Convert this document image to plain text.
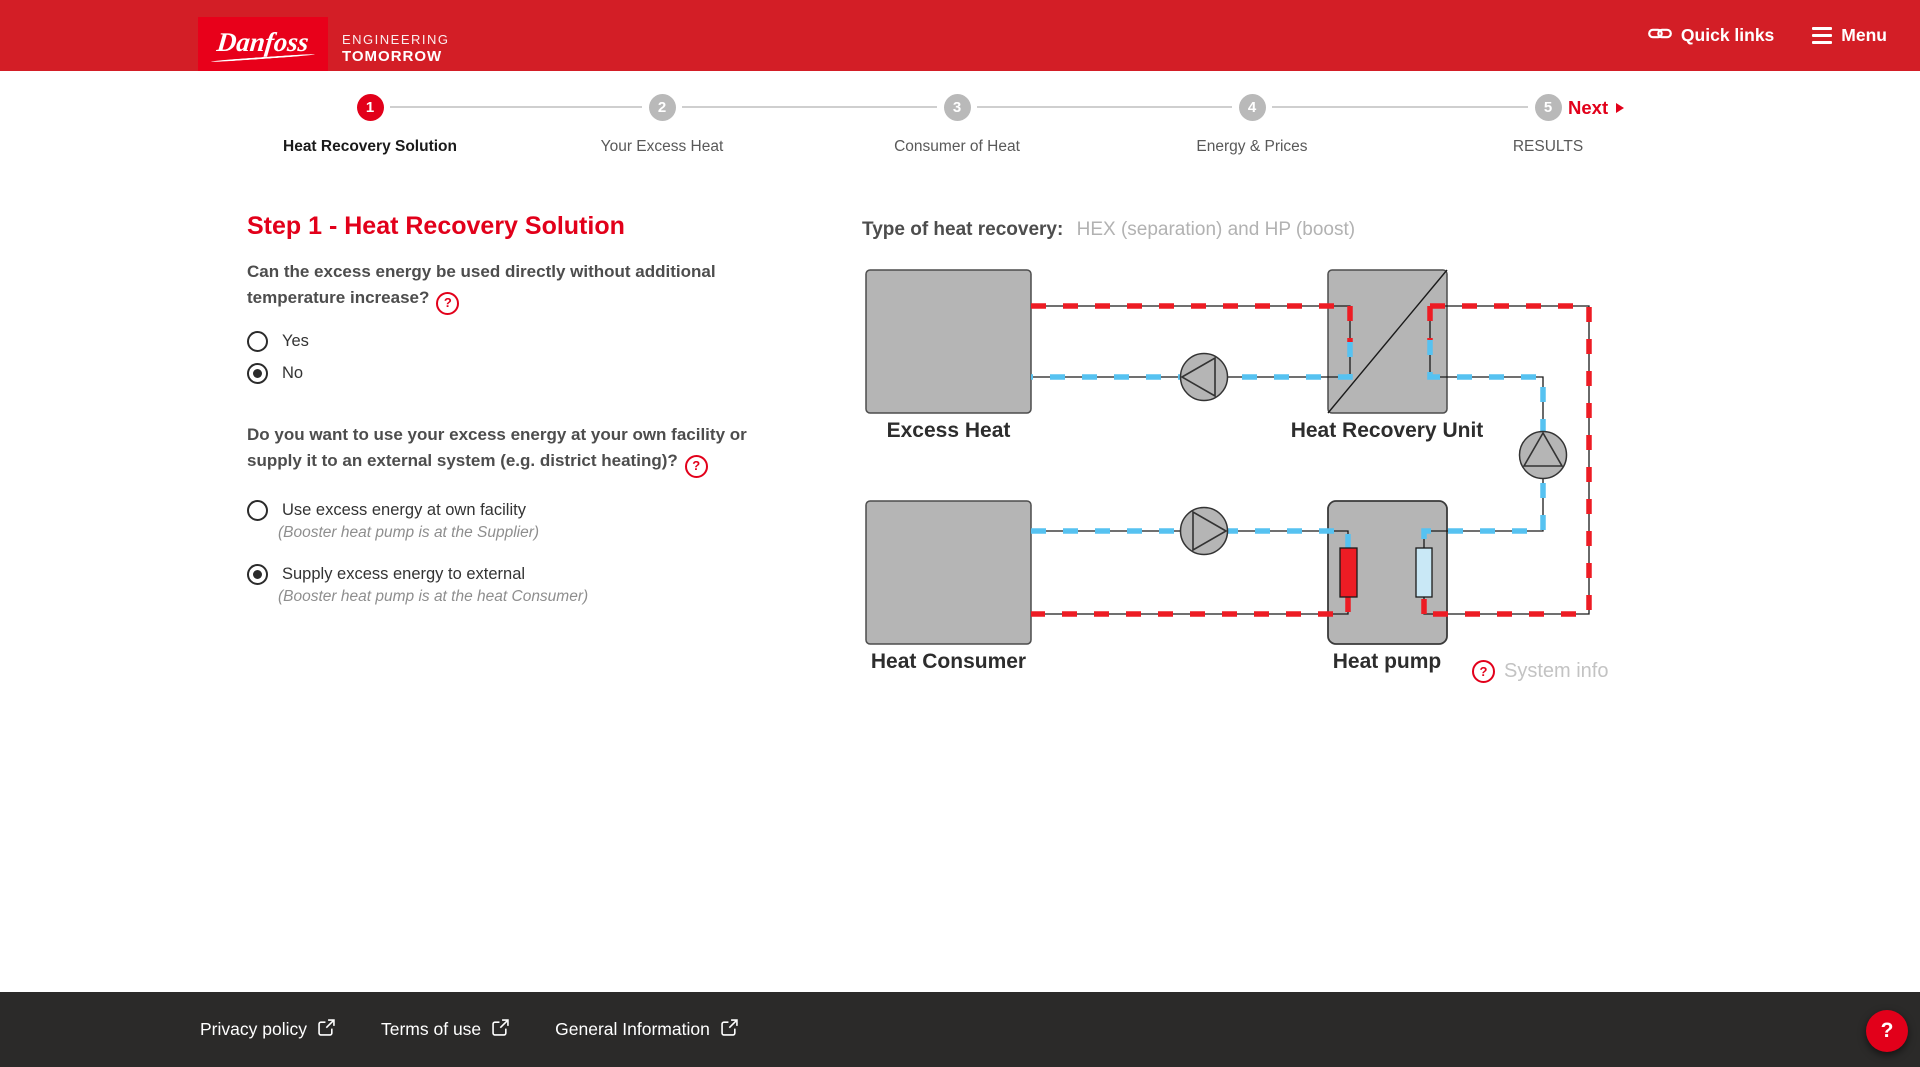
Danfoss ENGINEERING
TOMORROW
Quick links	Menu
1
Heat Recovery Solution
2
Your Excess Heat
3
Consumer of Heat
4
Energy & Prices
5
RESULTS
Next
Step 1 - Heat Recovery Solution
Can the excess energy be used directly without additional temperature increase? ?
Yes
No
Do you want to use your excess energy at your own facility or supply it to an external system (e.g. district heating)? ?
Use excess energy at own facility
(Booster heat pump is at the Supplier)
Supply excess energy to external
(Booster heat pump is at the heat Consumer)
Type of heat recovery: HEX (separation) and HP (boost)
Excess Heat	Heat Recovery Unit
Heat Consumer	Heat pump	? System info
Privacy policy	Terms of use	General Information	?
